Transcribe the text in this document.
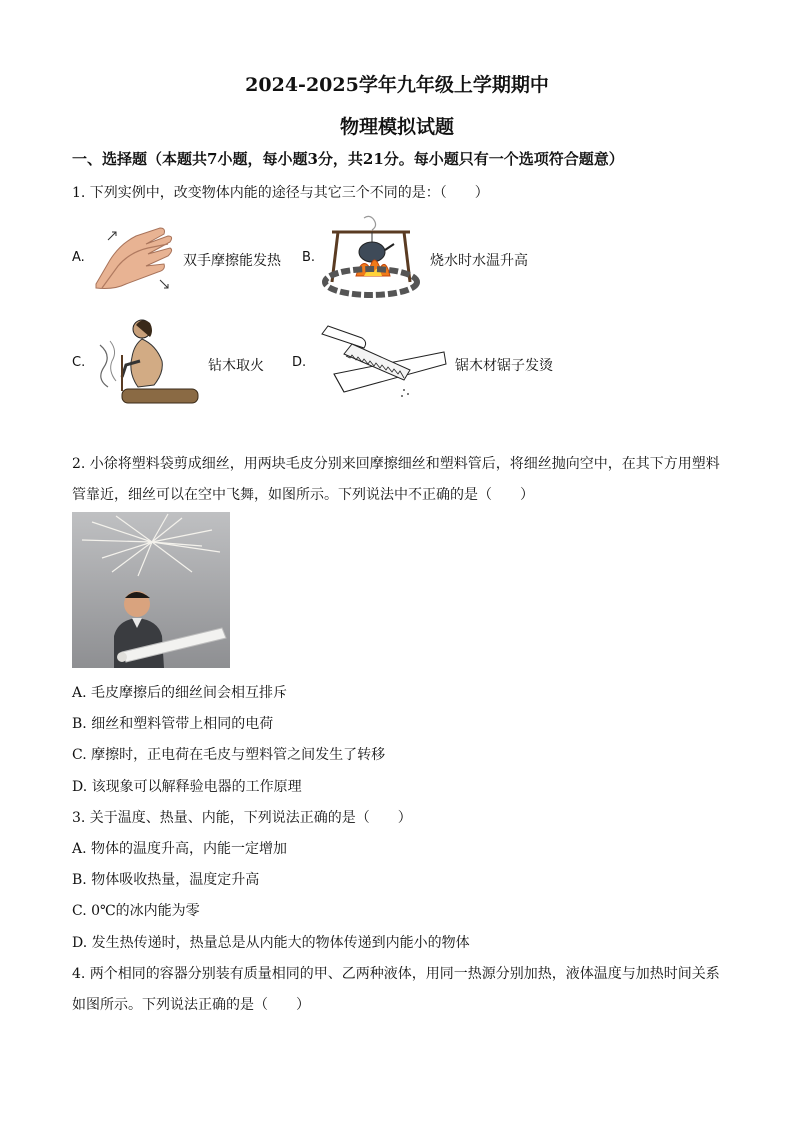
2024-2025学年九年级上学期期中
物理模拟试题
一、选择题（本题共7小题，每小题3分，共21分。每小题只有一个选项符合题意）
1. 下列实例中，改变物体内能的途径与其它三个不同的是：（　　）
A.	双手摩擦能发热 B.	烧水时水温升高
C.	钻木取火 D.	锯木材锯子发烫
2. 小徐将塑料袋剪成细丝，用两块毛皮分别来回摩擦细丝和塑料管后，将细丝抛向空中，在其下方用塑料
管靠近，细丝可以在空中飞舞，如图所示。下列说法中不正确的是（　　）
A. 毛皮摩擦后的细丝间会相互排斥
B. 细丝和塑料管带上相同的电荷
C. 摩擦时，正电荷在毛皮与塑料管之间发生了转移
D. 该现象可以解释验电器的工作原理
3. 关于温度、热量、内能，下列说法正确的是（　　）
A. 物体的温度升高，内能一定增加
B. 物体吸收热量，温度定升高
C. 0℃的冰内能为零
D. 发生热传递时，热量总是从内能大的物体传递到内能小的物体
4. 两个相同的容器分别装有质量相同的甲、乙两种液体，用同一热源分别加热，液体温度与加热时间关系
如图所示。下列说法正确的是（　　）
